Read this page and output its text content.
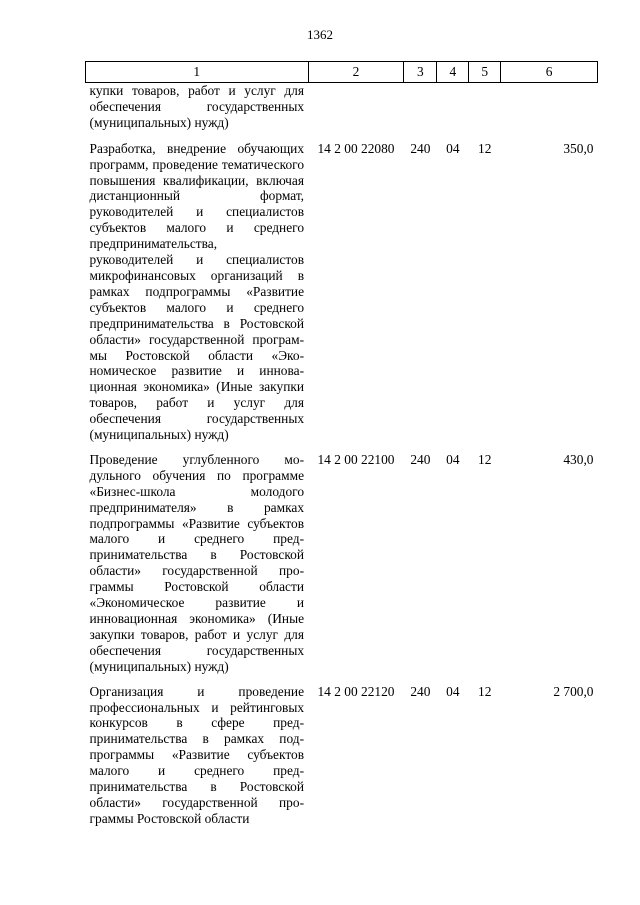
1362
1	2	3	4	5	6
купки товаров, работ и услуг для обеспечения государственных (муниципальных) нужд)					
Разработка, внедрение обучающих программ, проведение тематического повышения квалификации, включая дистанционный формат, руководителей и специалистов субъектов малого и среднего предпринимательства, руководителей и специалистов микрофинансовых организаций в рамках подпрограммы «Развитие субъектов малого и среднего предпринимательства в Ростовской области» государственной программы Ростовской области «Экономическое развитие и инновационная экономика» (Иные закупки товаров, работ и услуг для обеспечения государственных (муниципальных) нужд)	14 2 00 22080	240	04	12	350,0
Проведение углубленного модульного обучения по программе «Бизнес-школа молодого предпринимателя» в рамках подпрограммы «Развитие субъектов малого и среднего предпринимательства в Ростовской области» государственной программы Ростовской области «Экономическое развитие и инновационная экономика» (Иные закупки товаров, работ и услуг для обеспечения государственных (муниципальных) нужд)	14 2 00 22100	240	04	12	430,0
Организация и проведение профессиональных и рейтинговых конкурсов в сфере предпринимательства в рамках подпрограммы «Развитие субъектов малого и среднего предпринимательства в Ростовской области» государственной программы Ростовской области	14 2 00 22120	240	04	12	2 700,0
